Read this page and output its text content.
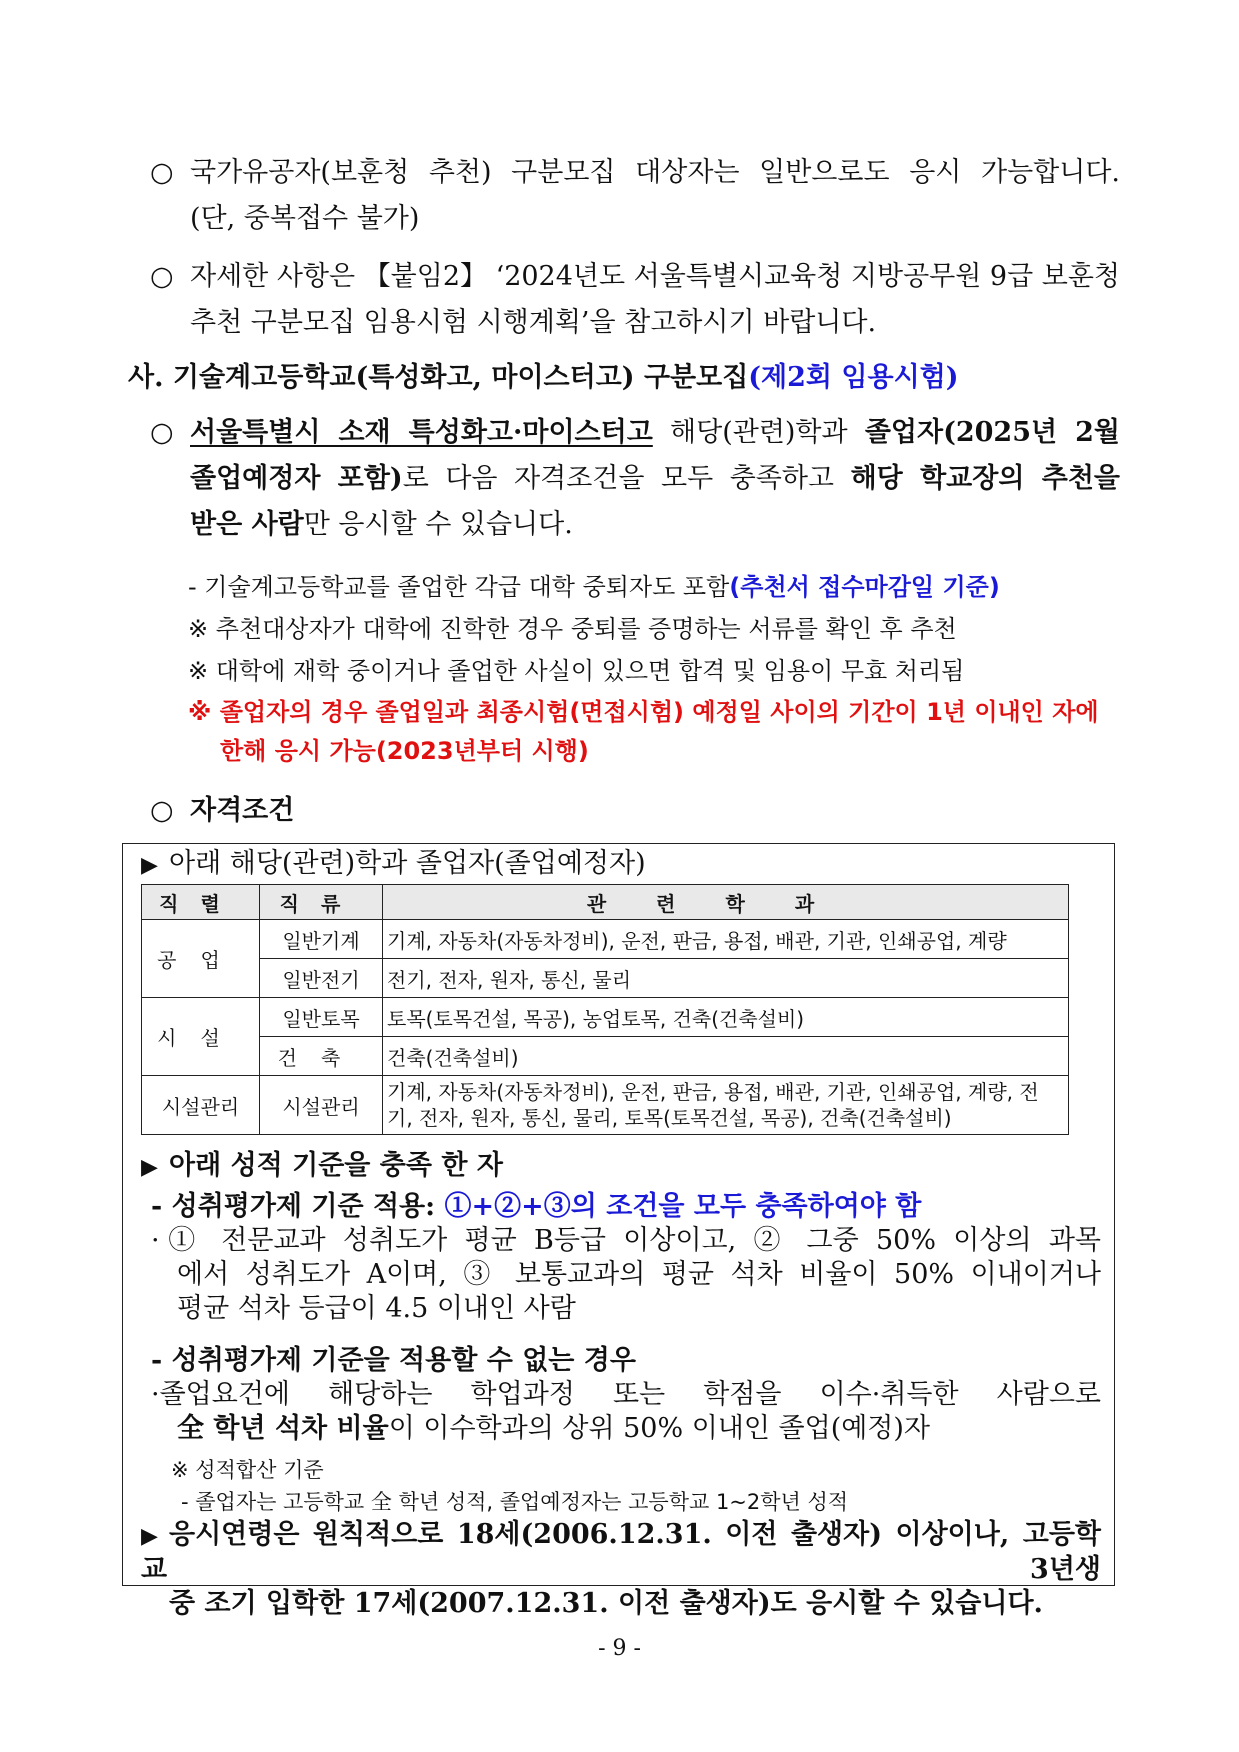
○ 국가유공자(보훈청 추천) 구분모집 대상자는 일반으로도 응시 가능합니다.

(단, 중복접수 불가)

○ 자세한 사항은 【붙임2】 ‘2024년도 서울특별시교육청 지방공무원 9급 보훈청

추천 구분모집 임용시험 시행계획’을 참고하시기 바랍니다.

사. 기술계고등학교(특성화고, 마이스터고) 구분모집(제2회 임용시험)

○ 서울특별시 소재 특성화고·마이스터고 해당(관련)학과 졸업자(2025년 2월

졸업예정자 포함)로 다음 자격조건을 모두 충족하고 해당 학교장의 추천을

받은 사람만 응시할 수 있습니다.

- 기술계고등학교를 졸업한 각급 대학 중퇴자도 포함(추천서 접수마감일 기준)

※ 추천대상자가 대학에 진학한 경우 중퇴를 증명하는 서류를 확인 후 추천

※ 대학에 재학 중이거나 졸업한 사실이 있으면 합격 및 임용이 무효 처리됨

※ 졸업자의 경우 졸업일과 최종시험(면접시험) 예정일 사이의 기간이 1년 이내인 자에

한해 응시 가능(2023년부터 시행)

○ 자격조건

▶ 아래 해당(관련)학과 졸업자(졸업예정자)
직렬	직류	관련학과
공업	일반기계	기계, 자동차(자동차정비), 운전, 판금, 용접, 배관, 기관, 인쇄공업, 계량
	일반전기	전기, 전자, 원자, 통신, 물리
시설	일반토목	토목(토목건설, 목공), 농업토목, 건축(건축설비)
	건축	건축(건축설비)
시설관리	시설관리	기계, 자동차(자동차정비), 운전, 판금, 용접, 배관, 기관, 인쇄공업, 계량, 전기, 전자, 원자, 통신, 물리, 토목(토목건설, 목공), 건축(건축설비)
▶ 아래 성적 기준을 충족 한 자

- 성취평가제 기준 적용: ①+②+③의 조건을 모두 충족하여야 함

·① 전문교과 성취도가 평균 B등급 이상이고, ② 그중 50% 이상의 과목

에서 성취도가 A이며, ③ 보통교과의 평균 석차 비율이 50% 이내이거나

평균 석차 등급이 4.5 이내인 사람

- 성취평가제 기준을 적용할 수 없는 경우

·졸업요건에 해당하는 학업과정 또는 학점을 이수·취득한 사람으로

全 학년 석차 비율이 이수학과의 상위 50% 이내인 졸업(예정)자

※ 성적합산 기준

- 졸업자는 고등학교 全 학년 성적, 졸업예정자는 고등학교 1~2학년 성적

▶ 응시연령은 원칙적으로 18세(2006.12.31. 이전 출생자) 이상이나, 고등학교 3년생

중 조기 입학한 17세(2007.12.31. 이전 출생자)도 응시할 수 있습니다.

- 9 -
